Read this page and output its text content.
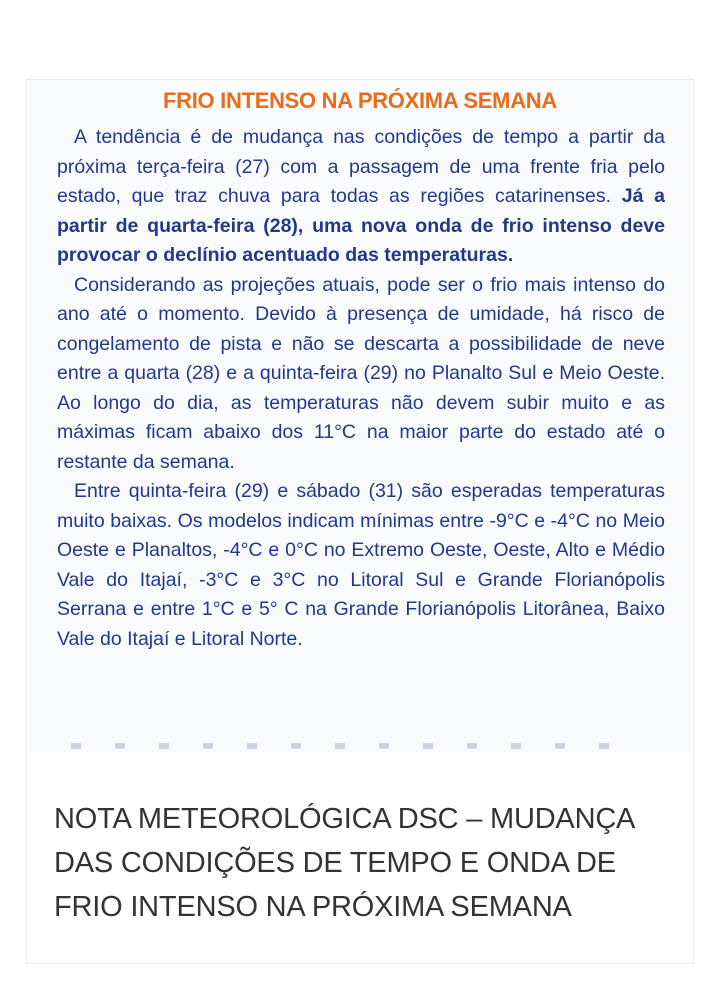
FRIO INTENSO NA PRÓXIMA SEMANA

A tendência é de mudança nas condições de tempo a partir da próxima terça-feira (27) com a passagem de uma frente fria pelo estado, que traz chuva para todas as regiões catarinenses. Já a partir de quarta-feira (28), uma nova onda de frio intenso deve provocar o declínio acentuado das temperaturas.

Considerando as projeções atuais, pode ser o frio mais intenso do ano até o momento. Devido à presença de umidade, há risco de congelamento de pista e não se descarta a possibilidade de neve entre a quarta (28) e a quinta-feira (29) no Planalto Sul e Meio Oeste. Ao longo do dia, as temperaturas não devem subir muito e as máximas ficam abaixo dos 11°C na maior parte do estado até o restante da semana.

Entre quinta-feira (29) e sábado (31) são esperadas temperaturas muito baixas. Os modelos indicam mínimas entre -9°C e -4°C no Meio Oeste e Planaltos, -4°C e 0°C no Extremo Oeste, Oeste, Alto e Médio Vale do Itajaí, -3°C e 3°C no Litoral Sul e Grande Florianópolis Serrana e entre 1°C e 5° C na Grande Florianópolis Litorânea, Baixo Vale do Itajaí e Litoral Norte.

NOTA METEOROLÓGICA DSC – MUDANÇA DAS CONDIÇÕES DE TEMPO E ONDA DE FRIO INTENSO NA PRÓXIMA SEMANA
